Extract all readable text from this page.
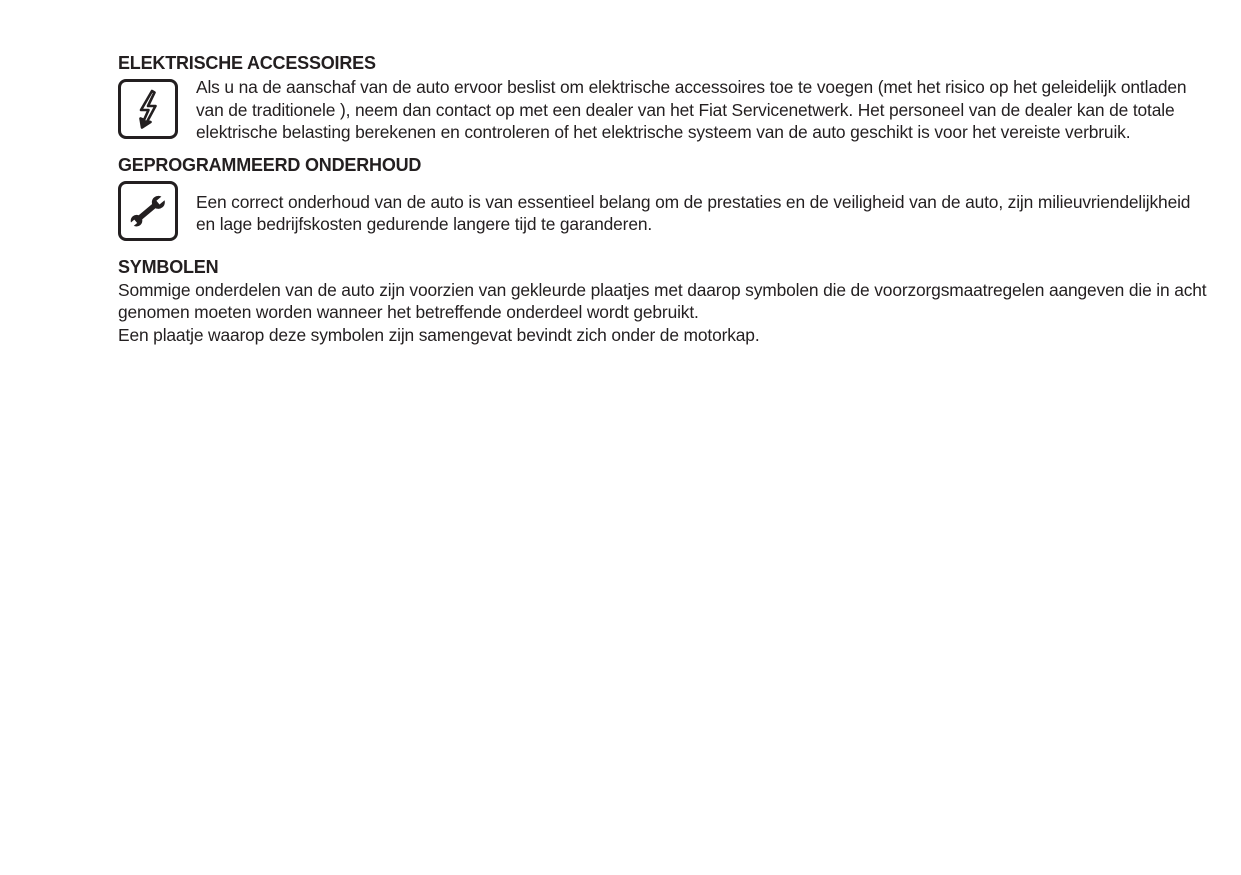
ELEKTRISCHE ACCESSOIRES

Als u na de aanschaf van de auto ervoor beslist om elektrische accessoires toe te voegen (met het risico op het geleidelijk ontladen van de traditionele ), neem dan contact op met een dealer van het Fiat Servicenetwerk. Het personeel van de dealer kan de totale elektrische belasting berekenen en controleren of het elektrische systeem van de auto geschikt is voor het vereiste verbruik.

GEPROGRAMMEERD ONDERHOUD

Een correct onderhoud van de auto is van essentieel belang om de prestaties en de veiligheid van de auto, zijn milieuvriendelijkheid en lage bedrijfskosten gedurende langere tijd te garanderen.

SYMBOLEN

Sommige onderdelen van de auto zijn voorzien van gekleurde plaatjes met daarop symbolen die de voorzorgsmaatregelen aangeven die in acht genomen moeten worden wanneer het betreffende onderdeel wordt gebruikt.
Een plaatje waarop deze symbolen zijn samengevat bevindt zich onder de motorkap.
